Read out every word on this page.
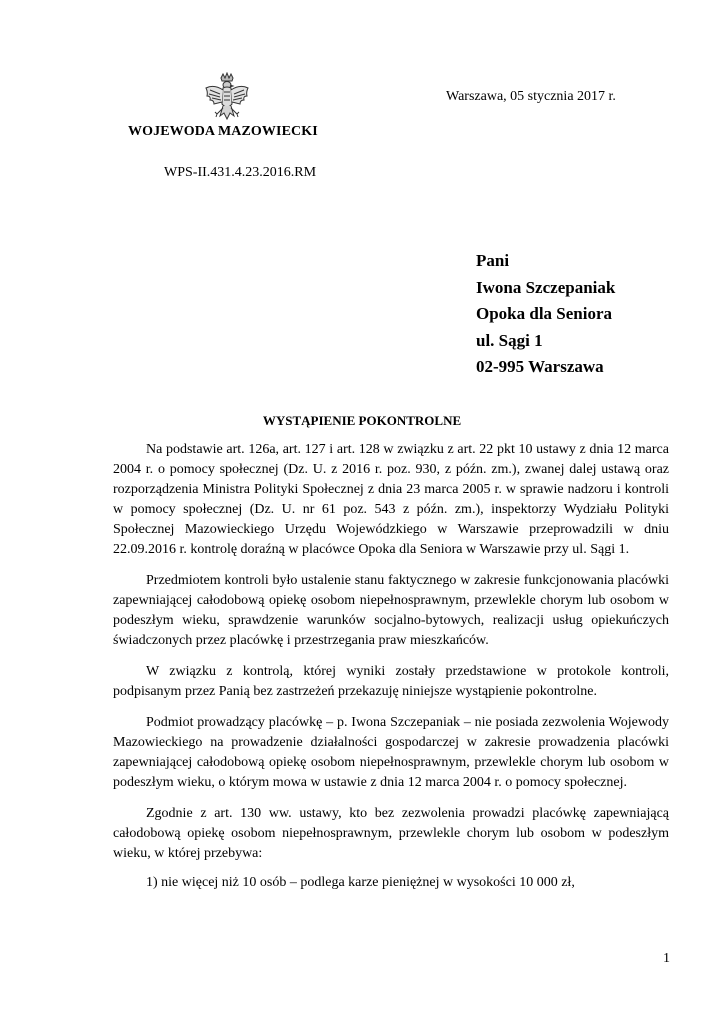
WOJEWODA MAZOWIECKI
WPS-II.431.4.23.2016.RM
Warszawa, 05 stycznia 2017 r.
Pani
Iwona Szczepaniak
Opoka dla Seniora
ul. Sągi 1
02-995 Warszawa
WYSTĄPIENIE POKONTROLNE

Na podstawie art. 126a, art. 127 i art. 128 w związku z art. 22 pkt 10 ustawy z dnia 12 marca 2004 r. o pomocy społecznej (Dz. U. z 2016 r. poz. 930, z późn. zm.), zwanej dalej ustawą oraz rozporządzenia Ministra Polityki Społecznej z dnia 23 marca 2005 r. w sprawie nadzoru i kontroli w pomocy społecznej (Dz. U. nr 61 poz. 543 z późn. zm.), inspektorzy Wydziału Polityki Społecznej Mazowieckiego Urzędu Wojewódzkiego w Warszawie przeprowadzili w dniu 22.09.2016 r. kontrolę doraźną w placówce Opoka dla Seniora w Warszawie przy ul. Sągi 1.

Przedmiotem kontroli było ustalenie stanu faktycznego w zakresie funkcjonowania placówki zapewniającej całodobową opiekę osobom niepełnosprawnym, przewlekle chorym lub osobom w podeszłym wieku, sprawdzenie warunków socjalno-bytowych, realizacji usług opiekuńczych świadczonych przez placówkę i przestrzegania praw mieszkańców.

W związku z kontrolą, której wyniki zostały przedstawione w protokole kontroli, podpisanym przez Panią bez zastrzeżeń przekazuję niniejsze wystąpienie pokontrolne.

Podmiot prowadzący placówkę – p. Iwona Szczepaniak – nie posiada zezwolenia Wojewody Mazowieckiego na prowadzenie działalności gospodarczej w zakresie prowadzenia placówki zapewniającej całodobową opiekę osobom niepełnosprawnym, przewlekle chorym lub osobom w podeszłym wieku, o którym mowa w ustawie z dnia 12 marca 2004 r. o pomocy społecznej.

Zgodnie z art. 130 ww. ustawy, kto bez zezwolenia prowadzi placówkę zapewniającą całodobową opiekę osobom niepełnosprawnym, przewlekle chorym lub osobom w podeszłym wieku, w której przebywa:

1) nie więcej niż 10 osób – podlega karze pieniężnej w wysokości 10 000 zł,

1
